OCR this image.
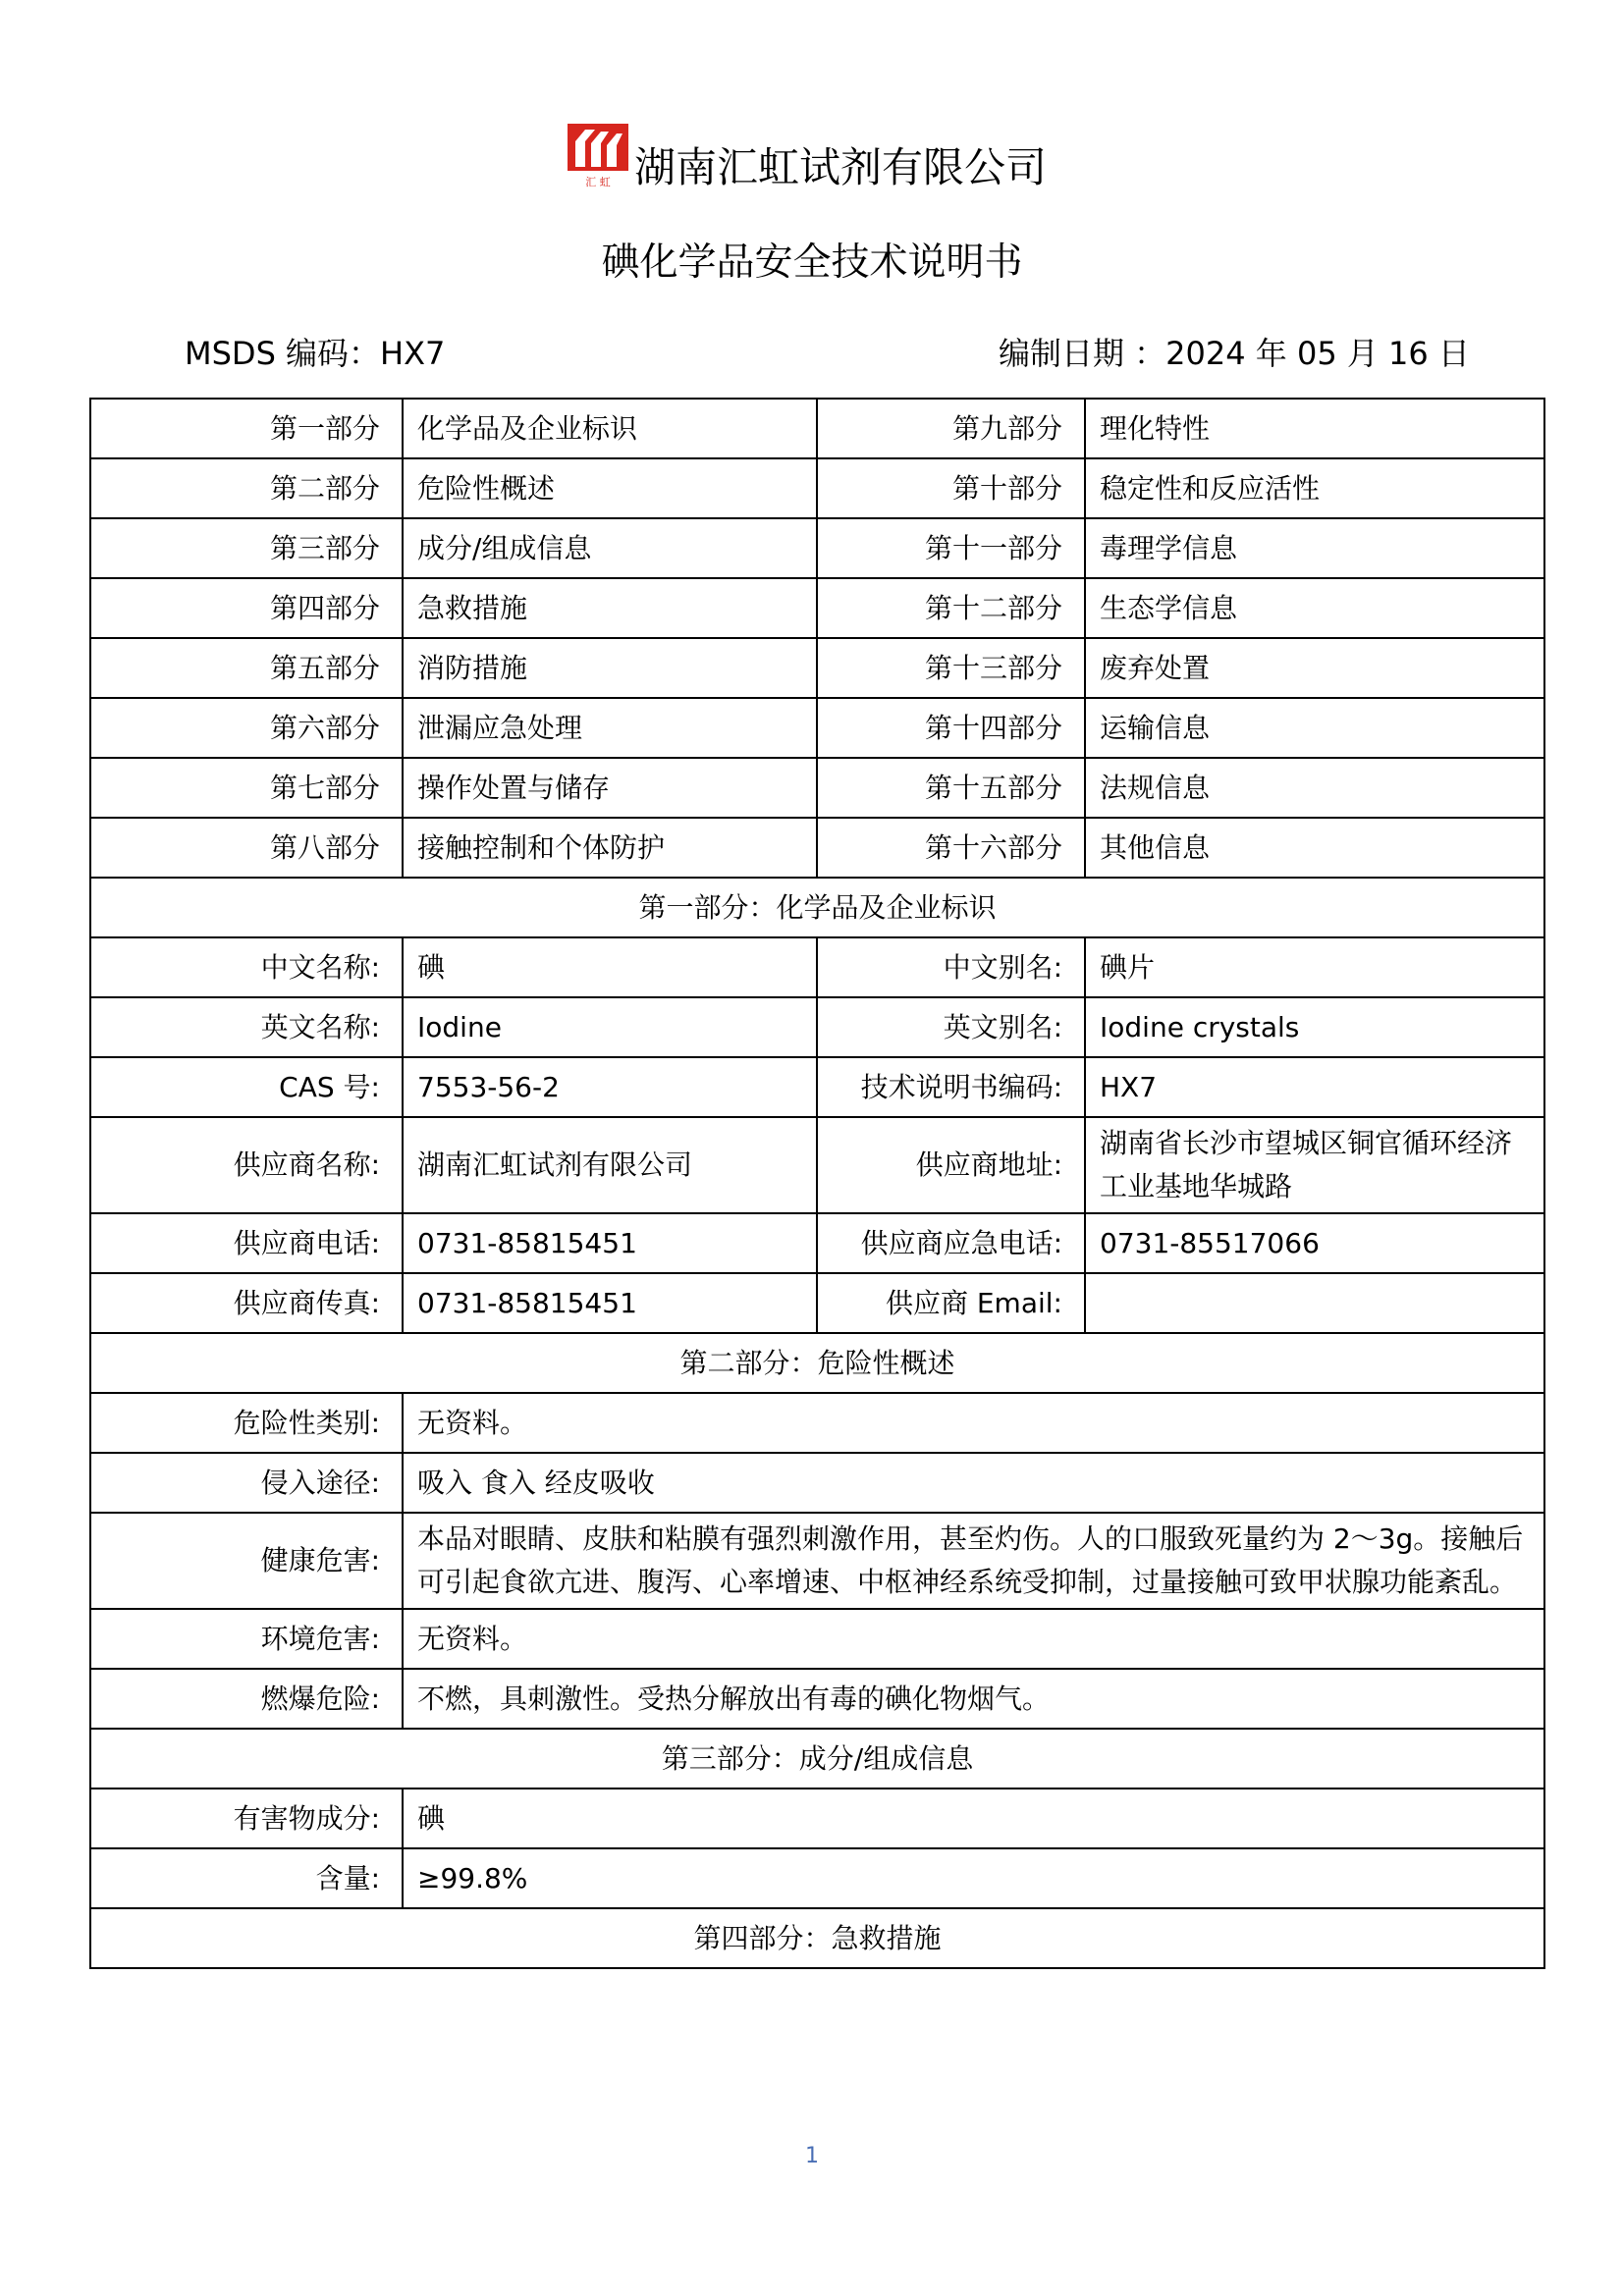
汇 虹 湖南汇虹试剂有限公司
碘化学品安全技术说明书
MSDS 编码：HX7	编制日期 ：2024 年 05 月 16 日
第一部分	化学品及企业标识	第九部分	理化特性
第二部分	危险性概述	第十部分	稳定性和反应活性
第三部分	成分/组成信息	第十一部分	毒理学信息
第四部分	急救措施	第十二部分	生态学信息
第五部分	消防措施	第十三部分	废弃处置
第六部分	泄漏应急处理	第十四部分	运输信息
第七部分	操作处置与储存	第十五部分	法规信息
第八部分	接触控制和个体防护	第十六部分	其他信息
第一部分：化学品及企业标识			
中文名称:	碘	中文别名:	碘片
英文名称:	Iodine	英文别名:	Iodine crystals
CAS 号:	7553-56-2	技术说明书编码:	HX7
供应商名称:	湖南汇虹试剂有限公司	供应商地址:	湖南省长沙市望城区铜官循环经济工业基地华城路
供应商电话:	0731-85815451	供应商应急电话:	0731-85517066
供应商传真:	0731-85815451	供应商 Email:	
第二部分：危险性概述			
危险性类别:	无资料。		
侵入途径:	吸入 食入 经皮吸收		
健康危害:	本品对眼睛、皮肤和粘膜有强烈刺激作用，甚至灼伤。人的口服致死量约为 2～3g。接触后可引起食欲亢进、腹泻、心率增速、中枢神经系统受抑制，过量接触可致甲状腺功能紊乱。		
环境危害:	无资料。		
燃爆危险:	不燃，具刺激性。受热分解放出有毒的碘化物烟气。		
第三部分：成分/组成信息			
有害物成分:	碘		
含量:	≥99.8%		
第四部分：急救措施			
1
